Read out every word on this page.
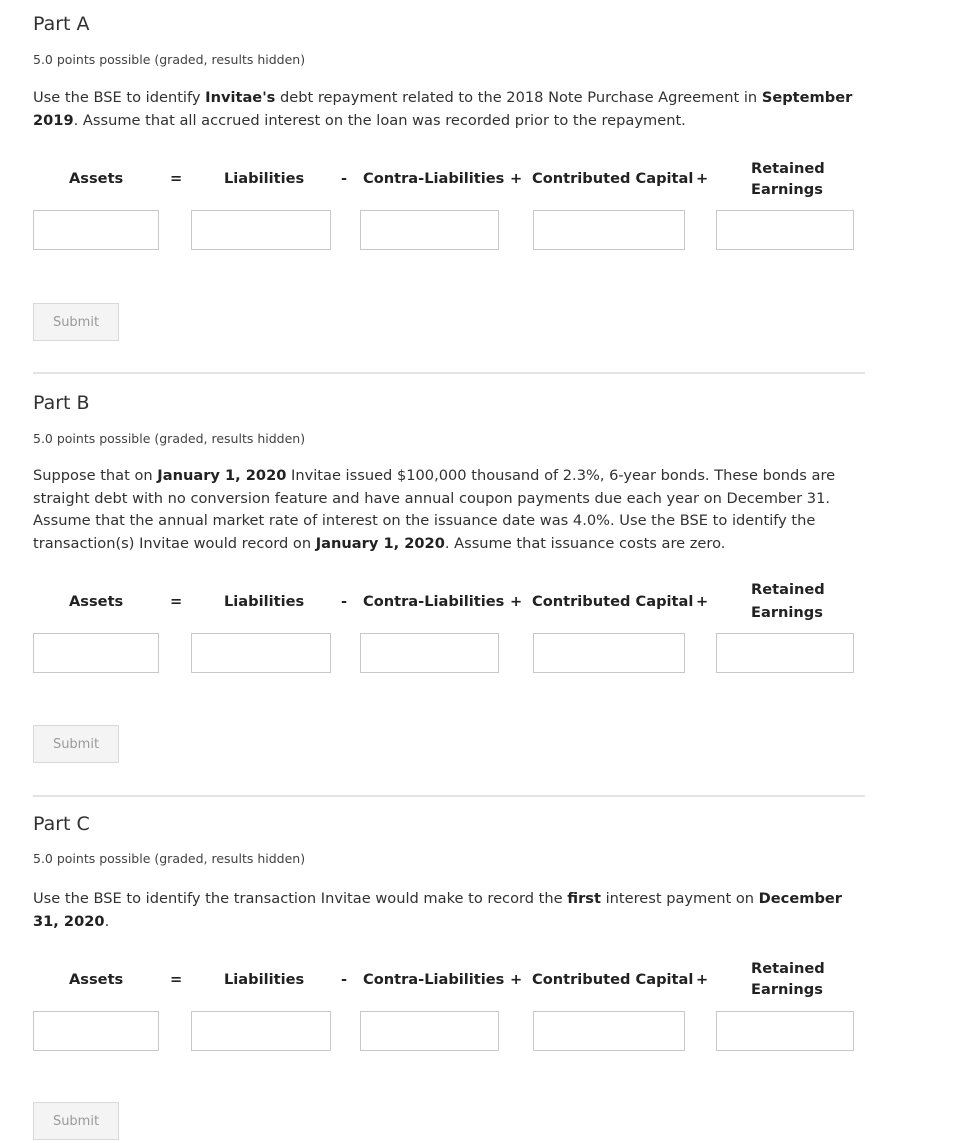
Part A

5.0 points possible (graded, results hidden)

Use the BSE to identify Invitae's debt repayment related to the 2018 Note Purchase Agreement in September 2019. Assume that all accrued interest on the loan was recorded prior to the repayment.

Assets	=	Liabilities	- Contra-Liabilities + Contributed Capital +
Retained
Earnings
Submit
Part B

5.0 points possible (graded, results hidden)

Suppose that on January 1, 2020 Invitae issued $100,000 thousand of 2.3%, 6-year bonds. These bonds are straight debt with no conversion feature and have annual coupon payments due each year on December 31. Assume that the annual market rate of interest on the issuance date was 4.0%. Use the BSE to identify the transaction(s) Invitae would record on January 1, 2020. Assume that issuance costs are zero.

Assets	=	Liabilities	- Contra-Liabilities + Contributed Capital +
Retained
Earnings
Submit
Part C

5.0 points possible (graded, results hidden)

Use the BSE to identify the transaction Invitae would make to record the first interest payment on December 31, 2020.

Assets	=	Liabilities	- Contra-Liabilities + Contributed Capital +
Retained
Earnings
Submit
